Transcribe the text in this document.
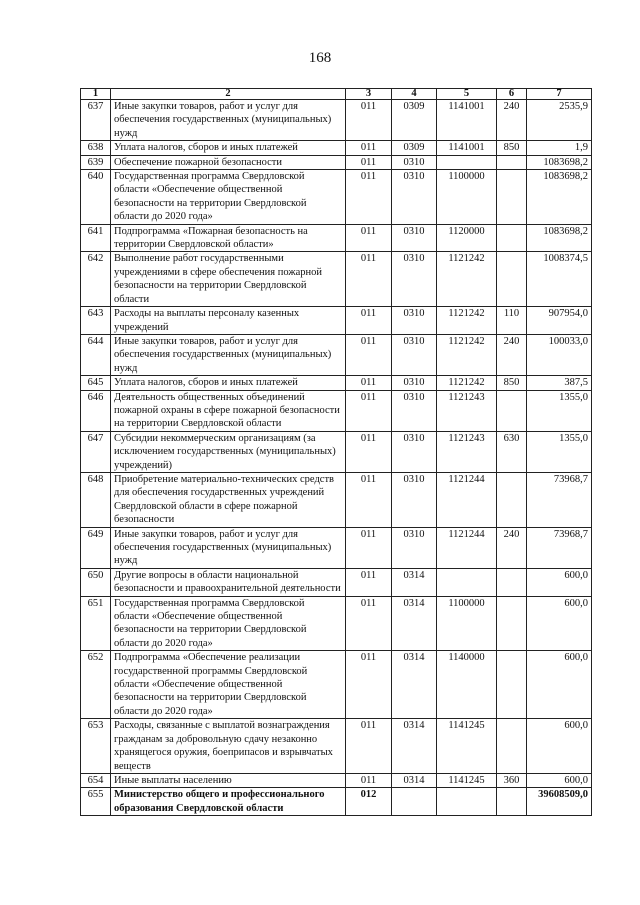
168
1	2	3	4	5	6	7
637	Иные закупки товаров, работ и услуг для обеспечения государственных (муниципальных) нужд	011	0309	1141001	240	2535,9
638	Уплата налогов, сборов и иных платежей	011	0309	1141001	850	1,9
639	Обеспечение пожарной безопасности	011	0310			1083698,2
640	Государственная программа Свердловской области «Обеспечение общественной безопасности на территории Свердловской области до 2020 года»	011	0310	1100000		1083698,2
641	Подпрограмма «Пожарная безопасность на территории Свердловской области»	011	0310	1120000		1083698,2
642	Выполнение работ государственными учреждениями в сфере обеспечения пожарной безопасности на территории Свердловской области	011	0310	1121242		1008374,5
643	Расходы на выплаты персоналу казенных учреждений	011	0310	1121242	110	907954,0
644	Иные закупки товаров, работ и услуг для обеспечения государственных (муниципальных) нужд	011	0310	1121242	240	100033,0
645	Уплата налогов, сборов и иных платежей	011	0310	1121242	850	387,5
646	Деятельность общественных объединений пожарной охраны в сфере пожарной безопасности на территории Свердловской области	011	0310	1121243		1355,0
647	Субсидии некоммерческим организациям (за исключением государственных (муниципальных) учреждений)	011	0310	1121243	630	1355,0
648	Приобретение материально-технических средств для обеспечения государственных учреждений Свердловской области в сфере пожарной безопасности	011	0310	1121244		73968,7
649	Иные закупки товаров, работ и услуг для обеспечения государственных (муниципальных) нужд	011	0310	1121244	240	73968,7
650	Другие вопросы в области национальной безопасности и правоохранительной деятельности	011	0314			600,0
651	Государственная программа Свердловской области «Обеспечение общественной безопасности на территории Свердловской области до 2020 года»	011	0314	1100000		600,0
652	Подпрограмма «Обеспечение реализации государственной программы Свердловской области «Обеспечение общественной безопасности на территории Свердловской области до 2020 года»	011	0314	1140000		600,0
653	Расходы, связанные с выплатой вознаграждения гражданам за добровольную сдачу незаконно хранящегося оружия, боеприпасов и взрывчатых веществ	011	0314	1141245		600,0
654	Иные выплаты населению	011	0314	1141245	360	600,0
655	Министерство общего и профессионального образования Свердловской области	012				39608509,0
